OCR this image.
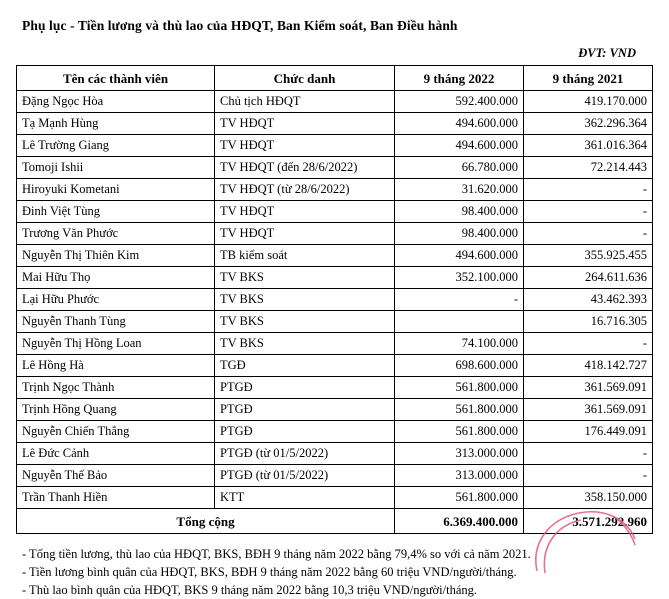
Phụ lục - Tiền lương và thù lao của HĐQT, Ban Kiểm soát, Ban Điều hành
ĐVT: VND
Tên các thành viên	Chức danh	9 tháng 2022	9 tháng 2021
Đặng Ngọc Hòa	Chủ tịch HĐQT	592.400.000	419.170.000
Tạ Mạnh Hùng	TV HĐQT	494.600.000	362.296.364
Lê Trường Giang	TV HĐQT	494.600.000	361.016.364
Tomoji Ishii	TV HĐQT (đến 28/6/2022)	66.780.000	72.214.443
Hiroyuki Kometani	TV HĐQT (từ 28/6/2022)	31.620.000	-
Đinh Việt Tùng	TV HĐQT	98.400.000	-
Trương Văn Phước	TV HĐQT	98.400.000	-
Nguyễn Thị Thiên Kim	TB kiểm soát	494.600.000	355.925.455
Mai Hữu Thọ	TV BKS	352.100.000	264.611.636
Lại Hữu Phước	TV BKS	-	43.462.393
Nguyễn Thanh Tùng	TV BKS		16.716.305
Nguyễn Thị Hồng Loan	TV BKS	74.100.000	-
Lê Hồng Hà	TGĐ	698.600.000	418.142.727
Trịnh Ngọc Thành	PTGĐ	561.800.000	361.569.091
Trịnh Hồng Quang	PTGĐ	561.800.000	361.569.091
Nguyễn Chiến Thắng	PTGĐ	561.800.000	176.449.091
Lê Đức Cảnh	PTGĐ (từ 01/5/2022)	313.000.000	-
Nguyễn Thế Bảo	PTGĐ (từ 01/5/2022)	313.000.000	-
Trần Thanh Hiền	KTT	561.800.000	358.150.000
Tổng cộng		6.369.400.000	3.571.292.960
- Tổng tiền lương, thù lao của HĐQT, BKS, BĐH 9 tháng năm 2022 bằng 79,4% so với cả năm 2021.
- Tiền lương bình quân của HĐQT, BKS, BĐH 9 tháng năm 2022 bằng 60 triệu VND/người/tháng.
- Thù lao bình quân của HĐQT, BKS 9 tháng năm 2022 bằng 10,3 triệu VND/người/tháng.
